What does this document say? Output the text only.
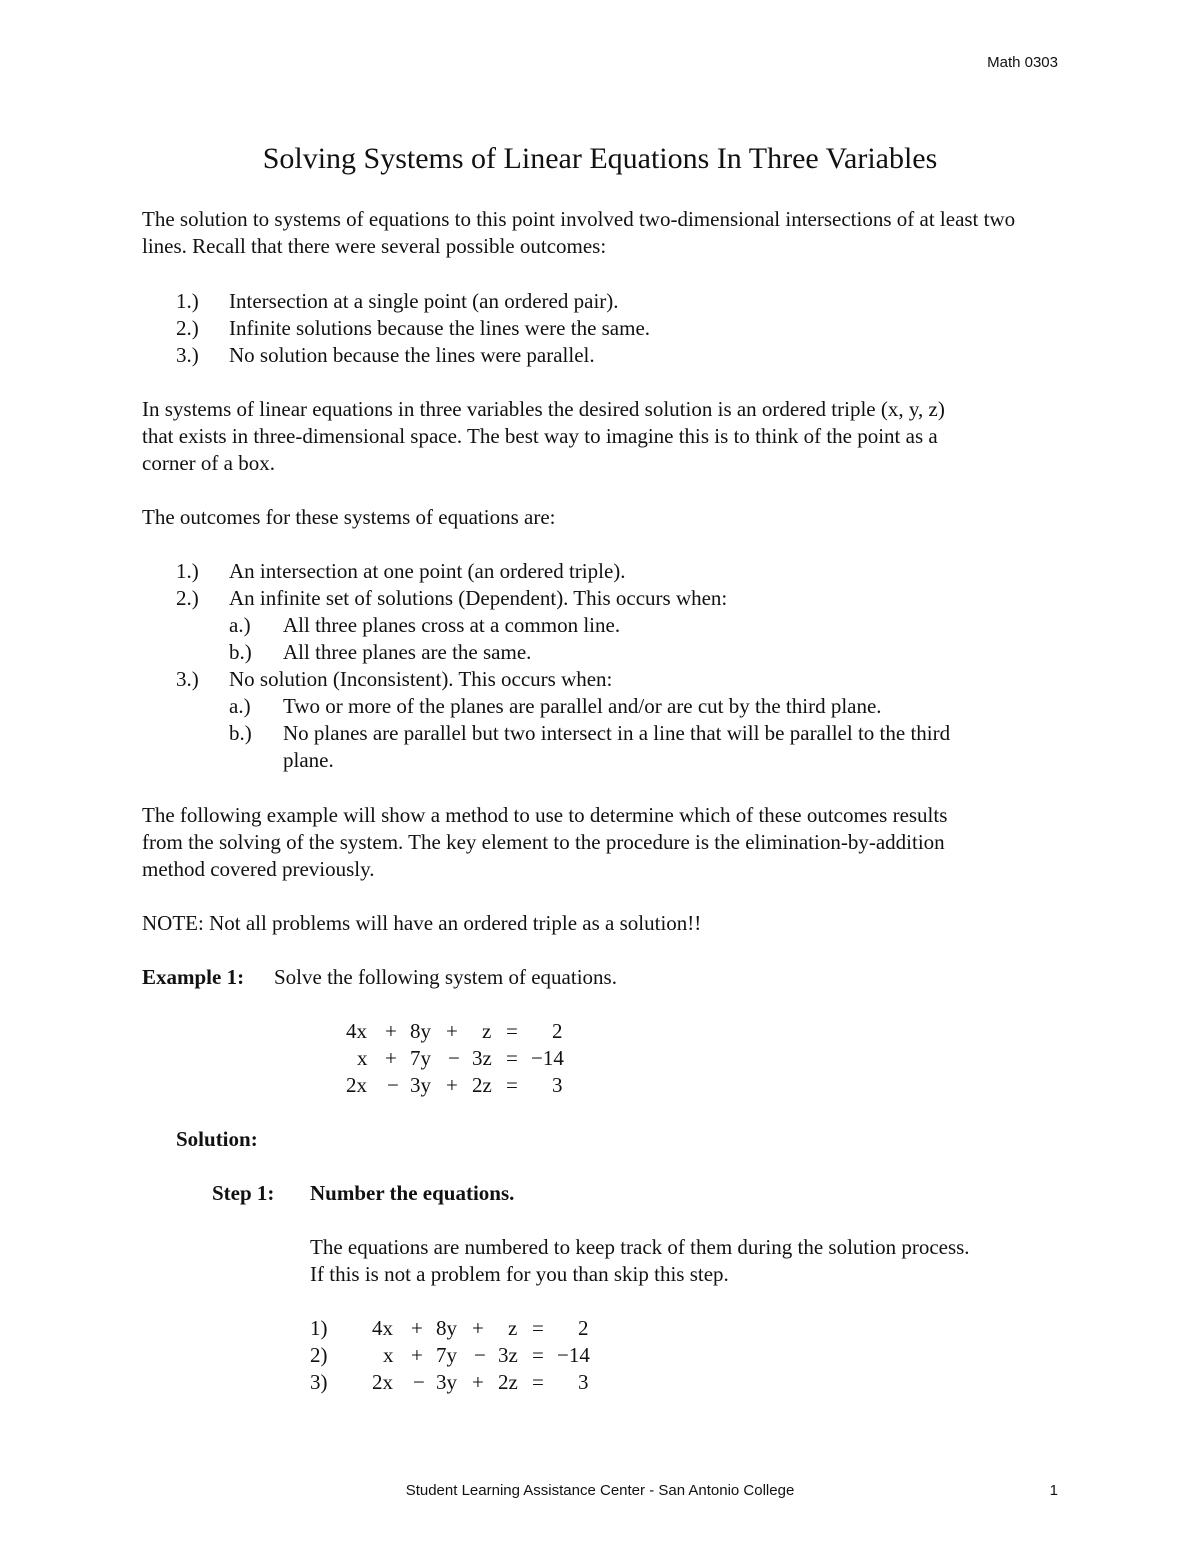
Math 0303
Solving Systems of Linear Equations In Three Variables
The solution to systems of equations to this point involved two-dimensional intersections of at least two lines. Recall that there were several possible outcomes:
1.) Intersection at a single point (an ordered pair).
2.) Infinite solutions because the lines were the same.
3.) No solution because the lines were parallel.
In systems of linear equations in three variables the desired solution is an ordered triple (x, y, z)
that exists in three-dimensional space. The best way to imagine this is to think of the point as a
corner of a box.
The outcomes for these systems of equations are:
1.) An intersection at one point (an ordered triple).
2.) An infinite set of solutions (Dependent). This occurs when:
a.) All three planes cross at a common line.
b.) All three planes are the same.
3.) No solution (Inconsistent). This occurs when:
a.) Two or more of the planes are parallel and/or are cut by the third plane.
b.) No planes are parallel but two intersect in a line that will be parallel to the third
plane.
The following example will show a method to use to determine which of these outcomes results
from the solving of the system. The key element to the procedure is the elimination-by-addition
method covered previously.
NOTE: Not all problems will have an ordered triple as a solution!!
Example 1: Solve the following system of equations.
4x + 8y + z = 2
x + 7y − 3z = −14
2x − 3y + 2z = 3
Solution:
Step 1: Number the equations.
The equations are numbered to keep track of them during the solution process.
If this is not a problem for you than skip this step.
1) 4x + 8y + z = 2
2)	x + 7y − 3z = −14
3) 2x − 3y + 2z = 3
Student Learning Assistance Center - San Antonio College	1
